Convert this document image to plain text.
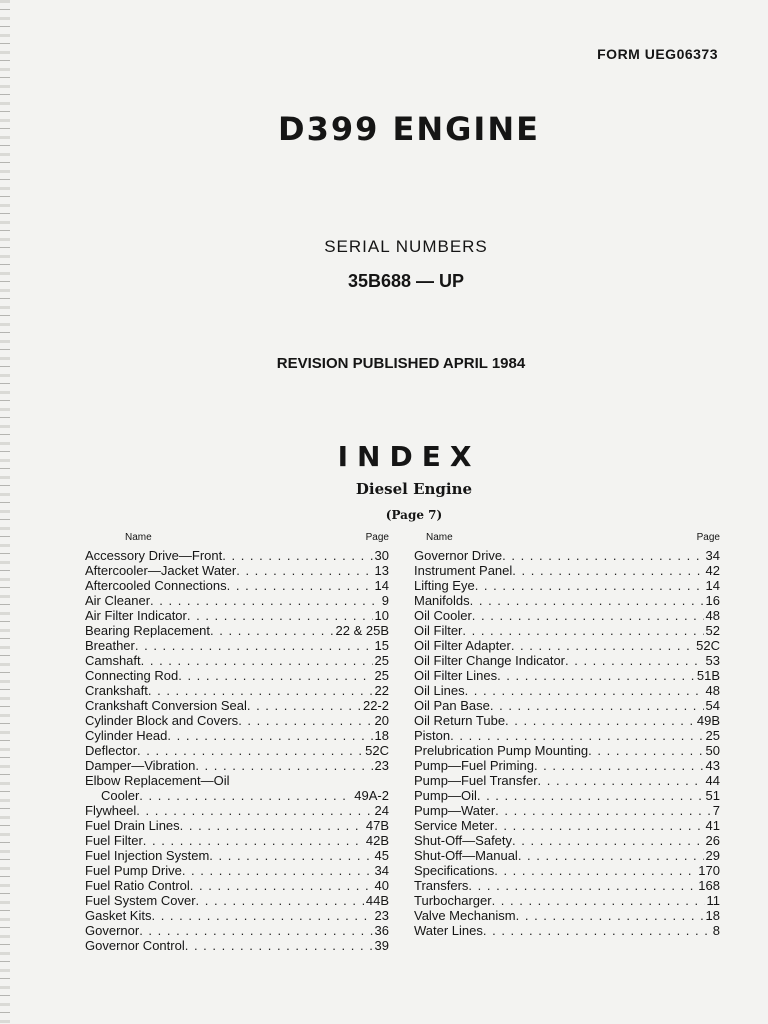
FORM UEG06373
D399 ENGINE
SERIAL NUMBERS
35B688 — UP
REVISION PUBLISHED APRIL 1984
INDEX
Diesel Engine
(Page 7)
Name	Page
Accessory Drive—Front . . .	30
Aftercooler—Jacket Water . . .	13
Aftercooled Connections . . .	14
Air Cleaner . . .	9
Air Filter Indicator . . .	10
Bearing Replacement . . .	22 & 25B
Breather . . .	15
Camshaft . . .	25
Connecting Rod . . .	25
Crankshaft . . .	22
Crankshaft Conversion Seal . . .	22-2
Cylinder Block and Covers . . .	20
Cylinder Head . . .	18
Deflector . . .	52C
Damper—Vibration . . .	23
Elbow Replacement—Oil
Cooler . . .	49A-2
Flywheel . . .	24
Fuel Drain Lines . . .	47B
Fuel Filter . . .	42B
Fuel Injection System . . .	45
Fuel Pump Drive . . .	34
Fuel Ratio Control . . .	40
Fuel System Cover . . .	44B
Gasket Kits . . .	23
Governor . . .	36
Governor Control . . .	39
Name	Page
Governor Drive . . .	34
Instrument Panel . . .	42
Lifting Eye . . .	14
Manifolds . . .	16
Oil Cooler . . .	48
Oil Filter . . .	52
Oil Filter Adapter . . .	52C
Oil Filter Change Indicator . . .	53
Oil Filter Lines . . .	51B
Oil Lines . . .	48
Oil Pan Base . . .	54
Oil Return Tube . . .	49B
Piston . . .	25
Prelubrication Pump Mounting . . .	50
Pump—Fuel Priming . . .	43
Pump—Fuel Transfer . . .	44
Pump—Oil . . .	51
Pump—Water . . .	7
Service Meter . . .	41
Shut-Off—Safety . . .	26
Shut-Off—Manual . . .	29
Specifications . . .	170
Transfers . . .	168
Turbocharger . . .	11
Valve Mechanism . . .	18
Water Lines . . .	8
